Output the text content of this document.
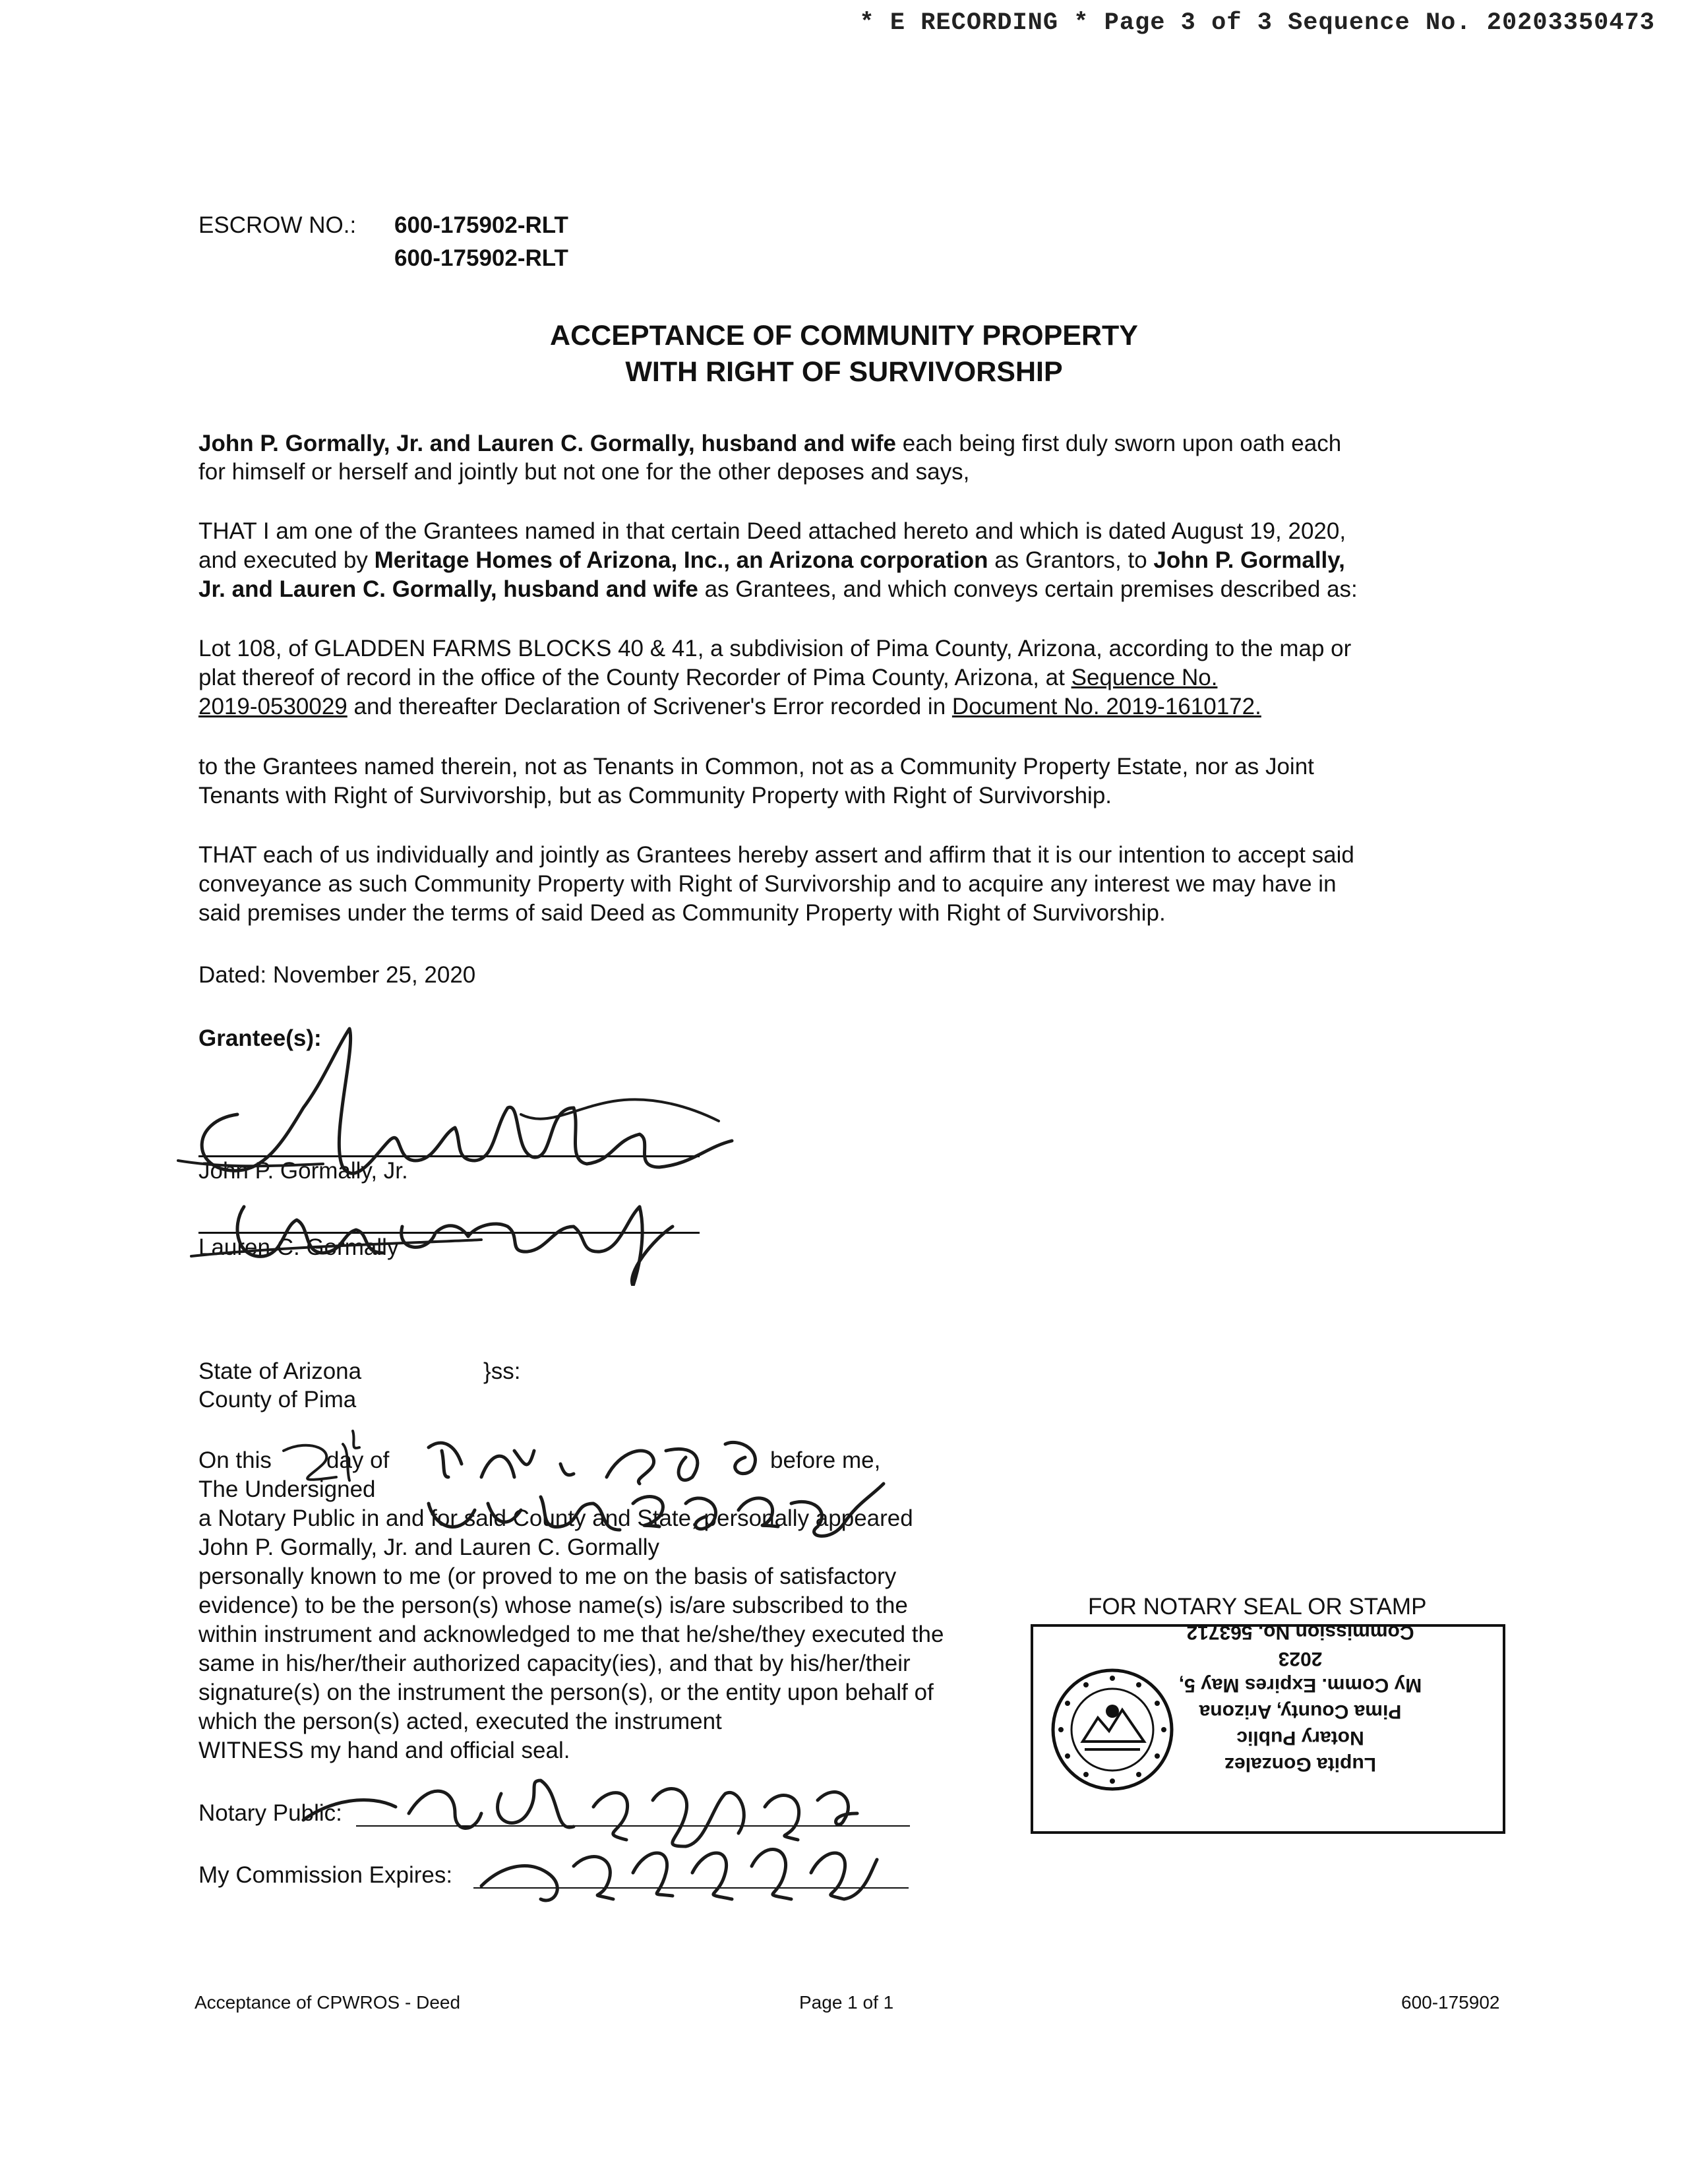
* E RECORDING * Page 3 of 3 Sequence No. 20203350473
ESCROW NO.: 600-175902-RLT
600-175902-RLT
ACCEPTANCE OF COMMUNITY PROPERTY
WITH RIGHT OF SURVIVORSHIP
John P. Gormally, Jr. and Lauren C. Gormally, husband and wife each being first duly sworn upon oath each
for himself or herself and jointly but not one for the other deposes and says,
THAT I am one of the Grantees named in that certain Deed attached hereto and which is dated August 19, 2020,
and executed by Meritage Homes of Arizona, Inc., an Arizona corporation as Grantors, to John P. Gormally,
Jr. and Lauren C. Gormally, husband and wife as Grantees, and which conveys certain premises described as:
Lot 108, of GLADDEN FARMS BLOCKS 40 & 41, a subdivision of Pima County, Arizona, according to the map or
plat thereof of record in the office of the County Recorder of Pima County, Arizona, at Sequence No.
2019-0530029 and thereafter Declaration of Scrivener's Error recorded in Document No. 2019-1610172.
to the Grantees named therein, not as Tenants in Common, not as a Community Property Estate, nor as Joint
Tenants with Right of Survivorship, but as Community Property with Right of Survivorship.
THAT each of us individually and jointly as Grantees hereby assert and affirm that it is our intention to accept said
conveyance as such Community Property with Right of Survivorship and to acquire any interest we may have in
said premises under the terms of said Deed as Community Property with Right of Survivorship.
Dated: November 25, 2020
Grantee(s):
John P. Gormally, Jr.
Lauren C. Gormally
State of Arizona	}ss:
County of Pima
On this day of	before me,
The Undersigned
a Notary Public in and for said County and State, personally appeared
John P. Gormally, Jr. and Lauren C. Gormally
personally known to me (or proved to me on the basis of satisfactory
evidence) to be the person(s) whose name(s) is/are subscribed to the
within instrument and acknowledged to me that he/she/they executed the
same in his/her/their authorized capacity(ies), and that by his/her/their
signature(s) on the instrument the person(s), or the entity upon behalf of
which the person(s) acted, executed the instrument
WITNESS my hand and official seal.
Notary Public:
My Commission Expires:
FOR NOTARY SEAL OR STAMP
Lupita Gonzalez
Notary Public
Pima County, Arizona
My Comm. Expires May 5, 2023
Commission No. 563712
Acceptance of CPWROS - Deed	Page 1 of 1	600-175902
